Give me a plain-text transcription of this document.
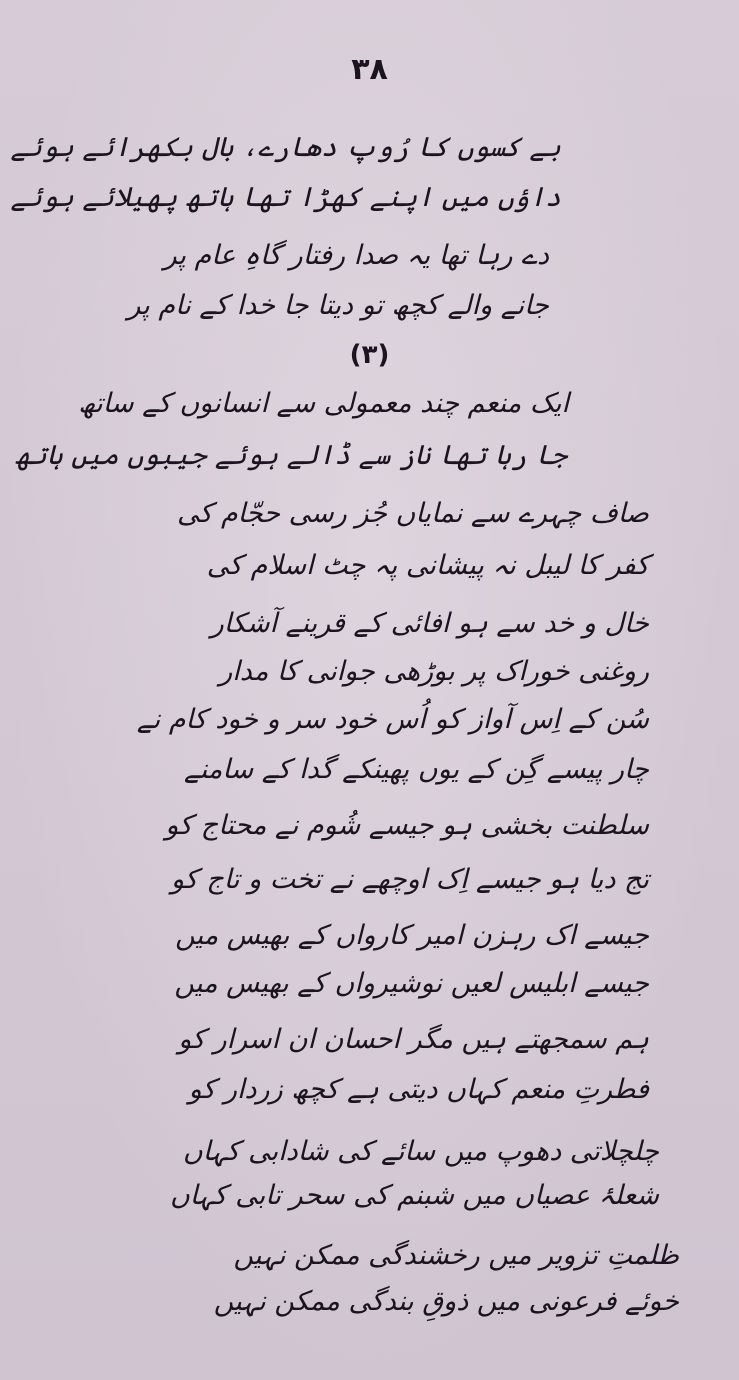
۳۸
بے کسوں کا رُوپ دھارے، بال بکھرائے ہوئے
داؤں میں اپنے کھڑا تھا ہاتھ پھیلائے ہوئے
دے رہا تھا یہ صدا رفتار گاہِ عام پر
جانے والے کچھ تو دیتا جا خدا کے نام پر
(۳)
ایک منعم چند معمولی سے انسانوں کے ساتھ
جا رہا تھا ناز سے ڈالے ہوئے جیبوں میں ہاتھ
صاف چہرے سے نمایاں جُز رسی حجّام کی
کفر کا لیبل نہ پیشانی پہ چٹ اسلام کی
خال و خد سے ہو افائی کے قرینے آشکار
روغنی خوراک پر بوڑھی جوانی کا مدار
سُن کے اِس آواز کو اُس خود سر و خود کام نے
چار پیسے گِن کے یوں پھینکے گدا کے سامنے
سلطنت بخشی ہو جیسے شُوم نے محتاج کو
تج دیا ہو جیسے اِک اوچھے نے تخت و تاج کو
جیسے اک رہزن امیر کارواں کے بھیس میں
جیسے ابلیس لعیں نوشیرواں کے بھیس میں
ہم سمجھتے ہیں مگر احسان ان اسرار کو
فطرتِ منعم کہاں دیتی ہے کچھ زردار کو
چلچلاتی دھوپ میں سائے کی شادابی کہاں
شعلۂ عصیاں میں شبنم کی سحر تابی کہاں
ظلمتِ تزویر میں رخشندگی ممکن نہیں
خوئے فرعونی میں ذوقِ بندگی ممکن نہیں
